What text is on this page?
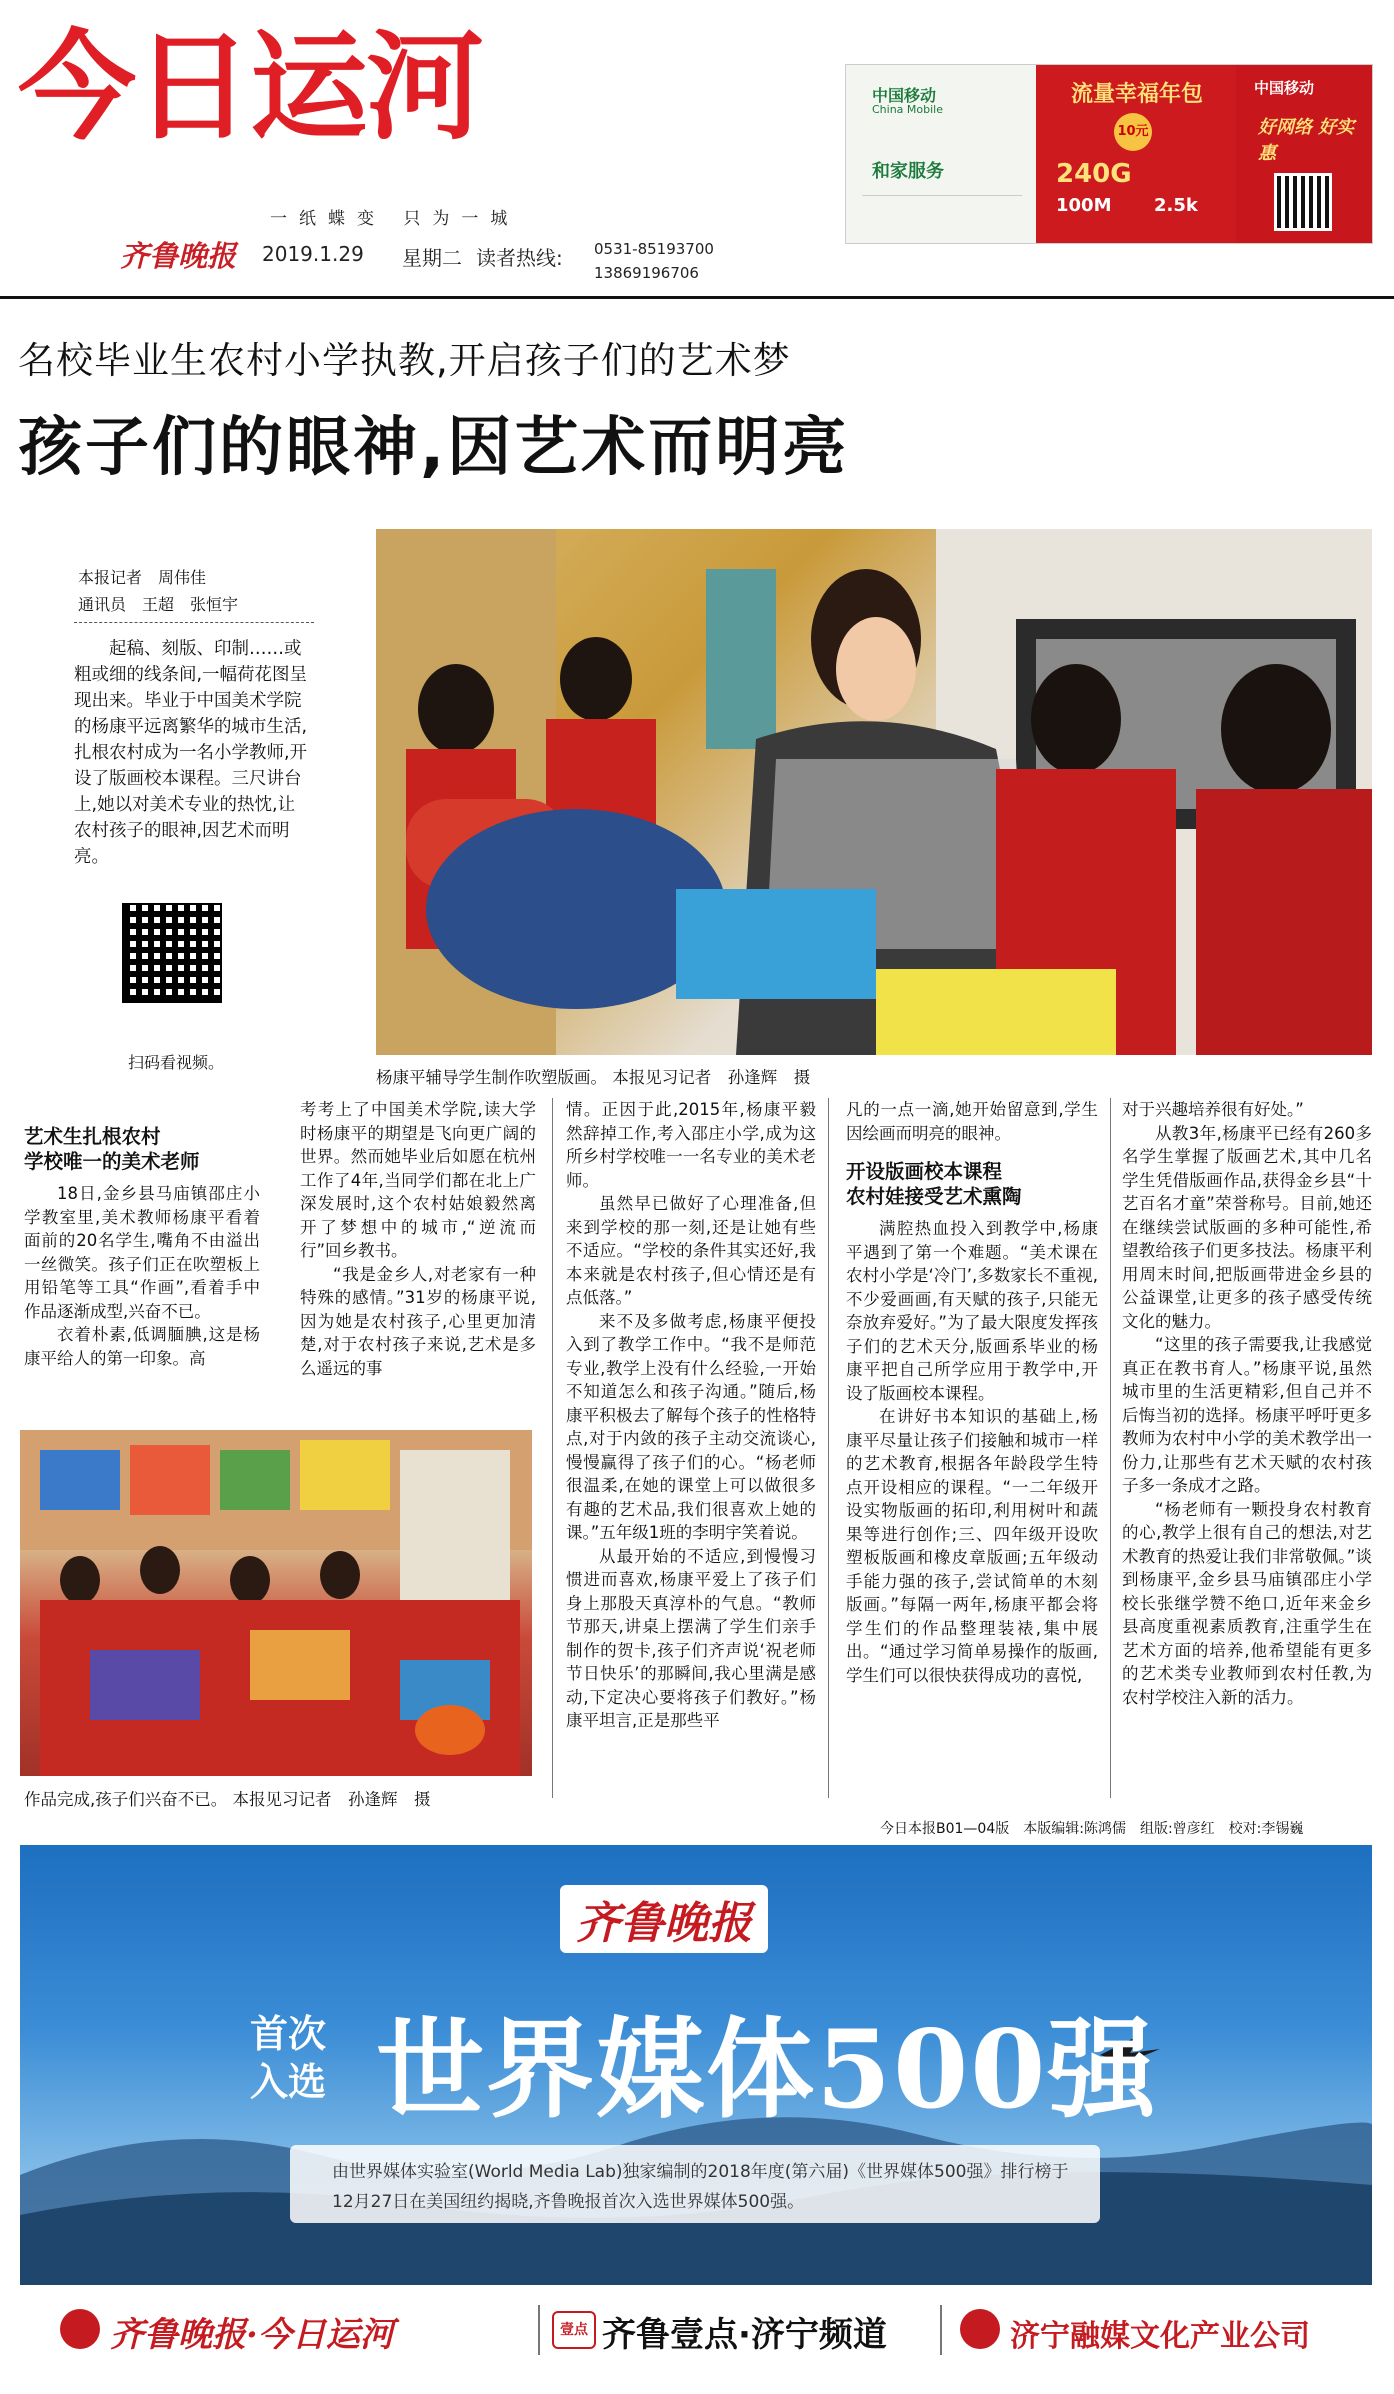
今日运河
一纸蝶变 只为一城
齐鲁晚报 2019.1.29 星期二 读者热线: 0531-85193700
13869196706
中国移动
China Mobile
和家服务
流量幸福年包
10元
240G
100M 2.5k
中国移动
好网络 好实惠
名校毕业生农村小学执教,开启孩子们的艺术梦
孩子们的眼神,因艺术而明亮
本报记者　周伟佳
通讯员　王超　张恒宇
起稿、刻版、印制……或粗或细的线条间,一幅荷花图呈现出来。毕业于中国美术学院的杨康平远离繁华的城市生活,扎根农村成为一名小学教师,开设了版画校本课程。三尺讲台上,她以对美术专业的热忱,让农村孩子的眼神,因艺术而明亮。
扫码看视频。
杨康平辅导学生制作吹塑版画。 本报见习记者　孙逢辉　摄
艺术生扎根农村
学校唯一的美术老师

18日,金乡县马庙镇邵庄小学教室里,美术教师杨康平看着面前的20名学生,嘴角不由溢出一丝微笑。孩子们正在吹塑板上用铅笔等工具“作画”,看着手中作品逐渐成型,兴奋不已。

衣着朴素,低调腼腆,这是杨康平给人的第一印象。高

作品完成,孩子们兴奋不已。 本报见习记者　孙逢辉　摄

考考上了中国美术学院,读大学时杨康平的期望是飞向更广阔的世界。然而她毕业后如愿在杭州工作了4年,当同学们都在北上广深发展时,这个农村姑娘毅然离开了梦想中的城市,“逆流而行”回乡教书。

“我是金乡人,对老家有一种特殊的感情。”31岁的杨康平说,因为她是农村孩子,心里更加清楚,对于农村孩子来说,艺术是多么遥远的事

情。正因于此,2015年,杨康平毅然辞掉工作,考入邵庄小学,成为这所乡村学校唯一一名专业的美术老师。

虽然早已做好了心理准备,但来到学校的那一刻,还是让她有些不适应。“学校的条件其实还好,我本来就是农村孩子,但心情还是有点低落。”

来不及多做考虑,杨康平便投入到了教学工作中。“我不是师范专业,教学上没有什么经验,一开始不知道怎么和孩子沟通。”随后,杨康平积极去了解每个孩子的性格特点,对于内敛的孩子主动交流谈心,慢慢赢得了孩子们的心。“杨老师很温柔,在她的课堂上可以做很多有趣的艺术品,我们很喜欢上她的课。”五年级1班的李明宇笑着说。

从最开始的不适应,到慢慢习惯进而喜欢,杨康平爱上了孩子们身上那股天真淳朴的气息。“教师节那天,讲桌上摆满了学生们亲手制作的贺卡,孩子们齐声说‘祝老师节日快乐’的那瞬间,我心里满是感动,下定决心要将孩子们教好。”杨康平坦言,正是那些平

凡的一点一滴,她开始留意到,学生因绘画而明亮的眼神。

开设版画校本课程
农村娃接受艺术熏陶

满腔热血投入到教学中,杨康平遇到了第一个难题。“美术课在农村小学是‘冷门’,多数家长不重视,不少爱画画,有天赋的孩子,只能无奈放弃爱好。”为了最大限度发挥孩子们的艺术天分,版画系毕业的杨康平把自己所学应用于教学中,开设了版画校本课程。

在讲好书本知识的基础上,杨康平尽量让孩子们接触和城市一样的艺术教育,根据各年龄段学生特点开设相应的课程。“一二年级开设实物版画的拓印,利用树叶和蔬果等进行创作;三、四年级开设吹塑板版画和橡皮章版画;五年级动手能力强的孩子,尝试简单的木刻版画。”每隔一两年,杨康平都会将学生们的作品整理装裱,集中展出。“通过学习简单易操作的版画,学生们可以很快获得成功的喜悦,

对于兴趣培养很有好处。”

从教3年,杨康平已经有260多名学生掌握了版画艺术,其中几名学生凭借版画作品,获得金乡县“十艺百名才童”荣誉称号。目前,她还在继续尝试版画的多种可能性,希望教给孩子们更多技法。杨康平利用周末时间,把版画带进金乡县的公益课堂,让更多的孩子感受传统文化的魅力。

“这里的孩子需要我,让我感觉真正在教书育人。”杨康平说,虽然城市里的生活更精彩,但自己并不后悔当初的选择。杨康平呼吁更多教师为农村中小学的美术教学出一份力,让那些有艺术天赋的农村孩子多一条成才之路。

“杨老师有一颗投身农村教育的心,教学上很有自己的想法,对艺术教育的热爱让我们非常敬佩。”谈到杨康平,金乡县马庙镇邵庄小学校长张继学赞不绝口,近年来金乡县高度重视素质教育,注重学生在艺术方面的培养,他希望能有更多的艺术类专业教师到农村任教,为农村学校注入新的活力。

今日本报B01—04版　本版编辑:陈鸿儒　组版:曾彦红　校对:李锡巍
齐鲁晚报
首次
入选 世界媒体500强
由世界媒体实验室(World Media Lab)独家编制的2018年度(第六届)《世界媒体500强》排行榜于
12月27日在美国纽约揭晓,齐鲁晚报首次入选世界媒体500强。
齐鲁晚报·今日运河	壹点 齐鲁壹点·济宁频道	济宁融媒文化产业公司
